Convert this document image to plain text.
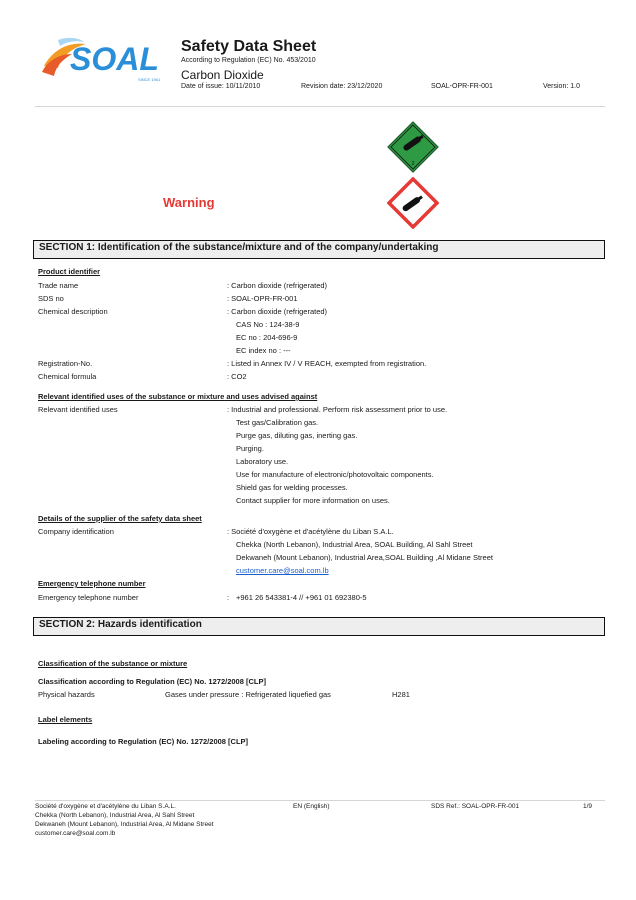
SOAL
SINCE 1961
Safety Data Sheet
According to Regulation (EC) No. 453/2010
Carbon Dioxide
Date of issue: 10/11/2010	Revision date: 23/12/2020	SOAL-OPR-FR-001	Version: 1.0
2
Warning
SECTION 1: Identification of the substance/mixture and of the company/undertaking
Product identifier
Trade name	: Carbon dioxide (refrigerated)
SDS no	: SOAL-OPR-FR-001
Chemical description	: Carbon dioxide (refrigerated)
CAS No : 124-38-9
EC no : 204-696-9
EC index no : ---
Registration-No.	: Listed in Annex IV / V REACH, exempted from registration.
Chemical formula	: CO2
Relevant identified uses of the substance or mixture and uses advised against
Relevant identified uses	: Industrial and professional. Perform risk assessment prior to use.
Test gas/Calibration gas.
Purge gas, diluting gas, inerting gas.
Purging.
Laboratory use.
Use for manufacture of electronic/photovoltaic components.
Shield gas for welding processes.
Contact supplier for more information on uses.
Details of the supplier of the safety data sheet
Company identification	: Société d'oxygène et d'acétylène du Liban S.A.L.
Chekka (North Lebanon), Industrial Area, SOAL Building, Al Sahl Street
Dekwaneh (Mount Lebanon), Industrial Area,SOAL Building ,Al Midane Street
customer.care@soal.com.lb
Emergency telephone number
Emergency telephone number	: +961 26 543381-4 // +961 01 692380-5
SECTION 2: Hazards identification
Classification of the substance or mixture
Classification according to Regulation (EC) No. 1272/2008 [CLP]
Physical hazards	Gases under pressure : Refrigerated liquefied gas	H281
Label elements
Labeling according to Regulation (EC) No. 1272/2008 [CLP]
Société d'oxygène et d'acétylène du Liban S.A.L.
Chekka (North Lebanon), Industrial Area, Al Sahl Street
Dekwaneh (Mount Lebanon), Industrial Area, Al Midane Street
customer.care@soal.com.lb
EN (English)	SDS Ref.: SOAL-OPR-FR-001	1/9
